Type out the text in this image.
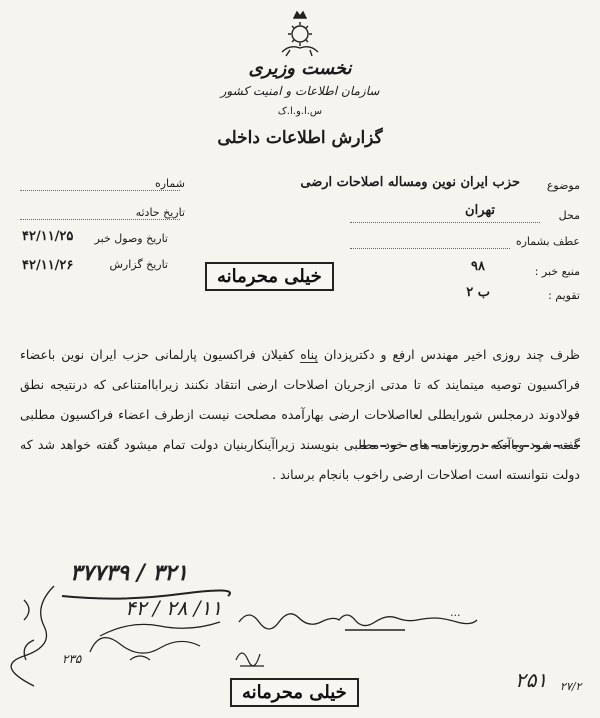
نخست وزیری
سازمان اطلاعات و امنیت کشور
س.ا.و.ا.ک
گزارش اطلاعات داخلی
موضوع
حزب ایران نوین ومساله اصلاحات ارضی
محل
تهران
عطف بشماره
منبع خبر :
۹۸
تقویم :
ب ۲
شماره
تاریخ حادثه
تاریخ وصول خبر
۴۲/۱۱/۲۵
تاریخ گزارش
۴۲/۱۱/۲۶
خیلی محرمانه
ظرف چند روزی اخیر مهندس ارفع و دکترپزدان پناه کفیلان فراکسیون پارلمانی حزب ایران نوین باعضاء فراکسیون توصیه مینمایند که تا مدتی ازجریان اصلاحات ارضی انتقاد نکنند زیراباامتناعی که درنتیجه نطق فولادوند درمجلس شورایطلی لعااصلاحات ارضی بهارآمده مصلحت نیست ازطرف اعضاء فراکسیون مطلبی گفته شود وباآنکه درروزنامه های خود مطلبی بنویسند زیراآینکاربنیان دولت تمام میشود گفته خواهد شد که دولت نتوانسته است اصلاحات ارضی راخوب بانجام برساند .
۳۲۱ / ۳۷۷۳۹
۱۱/ ۲۸ / ۴۲	...
۲۳۵
۲۵۱ ۲۷/۲
خیلی محرمانه
